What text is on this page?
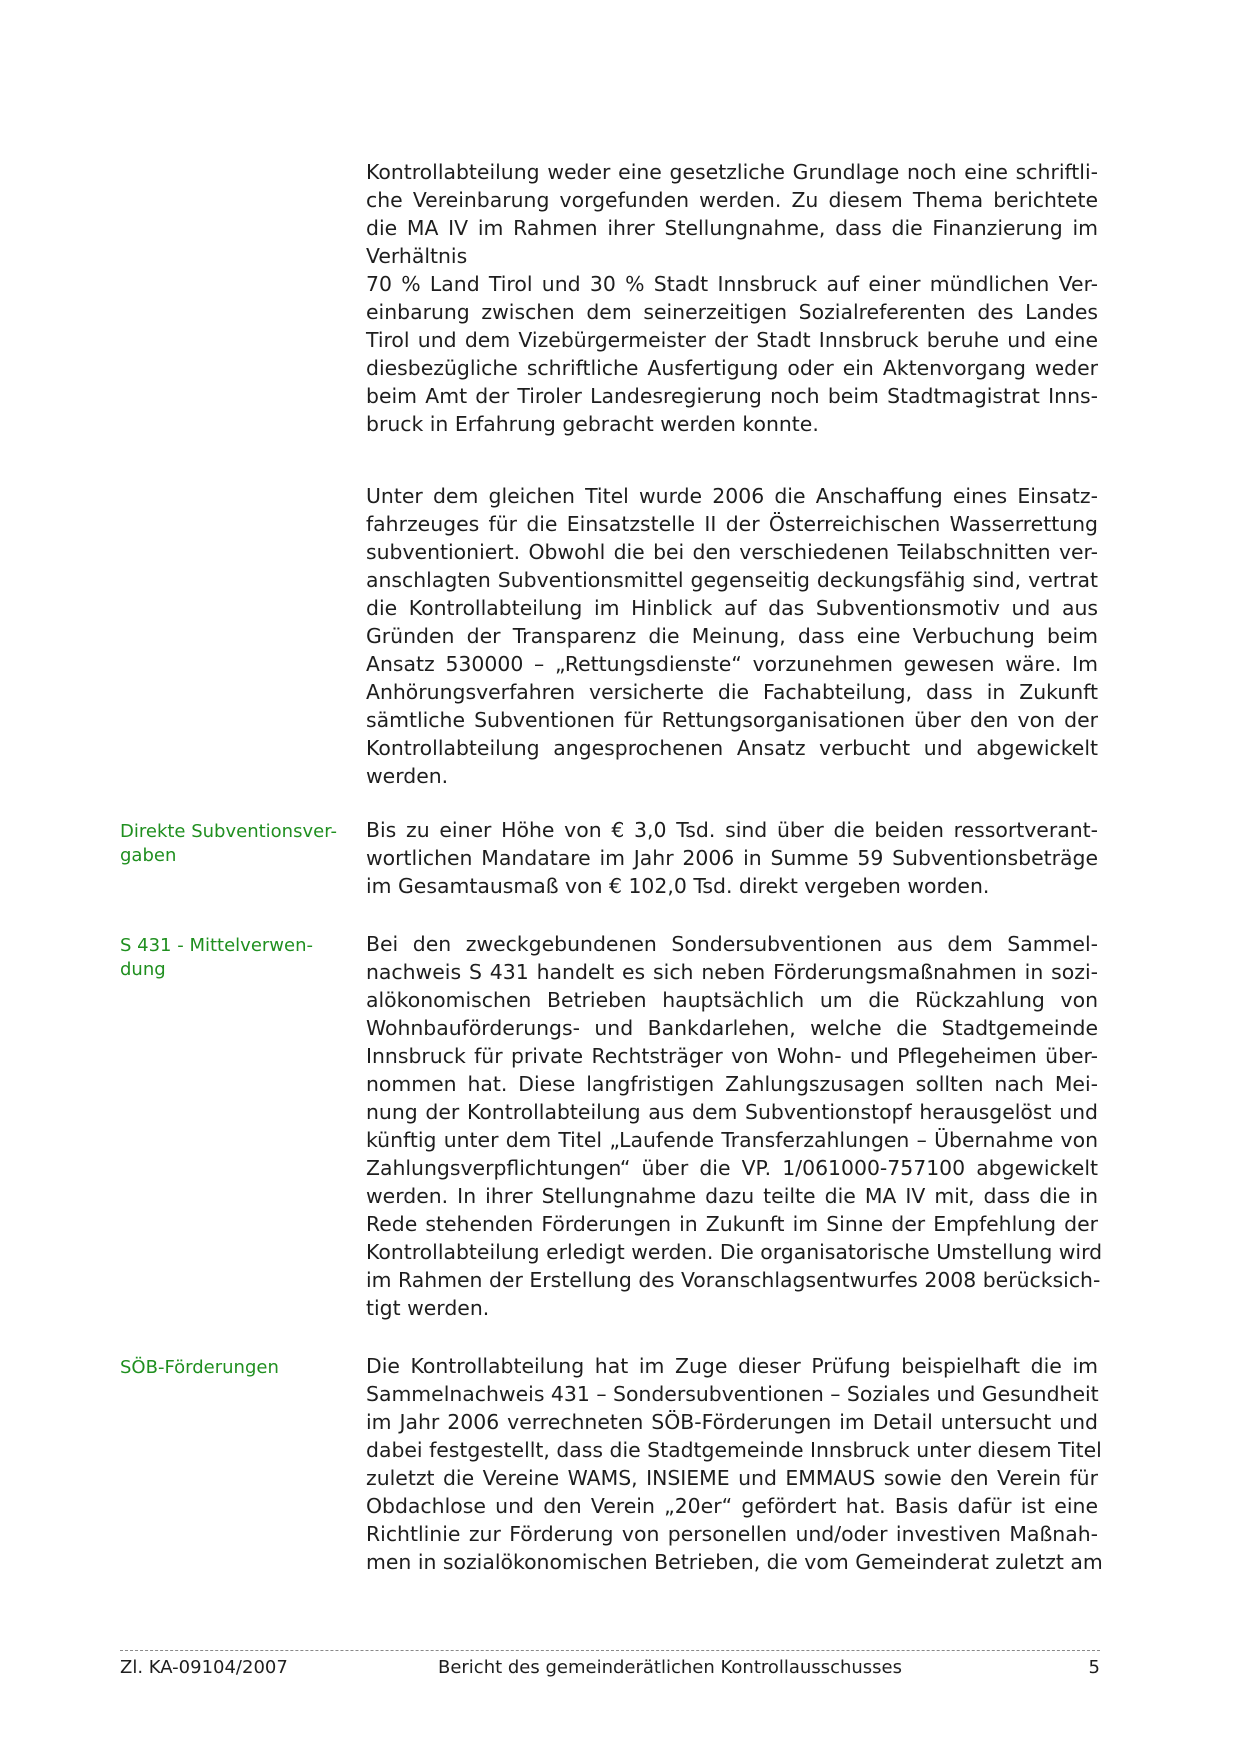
Kontrollabteilung weder eine gesetzliche Grundlage noch eine schriftli-
che Vereinbarung vorgefunden werden. Zu diesem Thema berichtete
die MA IV im Rahmen ihrer Stellungnahme, dass die Finanzierung im
Verhältnis
70 % Land Tirol und 30 % Stadt Innsbruck auf einer mündlichen Ver-
einbarung zwischen dem seinerzeitigen Sozialreferenten des Landes
Tirol und dem Vizebürgermeister der Stadt Innsbruck beruhe und eine
diesbezügliche schriftliche Ausfertigung oder ein Aktenvorgang weder
beim Amt der Tiroler Landesregierung noch beim Stadtmagistrat Inns-
bruck in Erfahrung gebracht werden konnte.
Unter dem gleichen Titel wurde 2006 die Anschaffung eines Einsatz-
fahrzeuges für die Einsatzstelle II der Österreichischen Wasserrettung
subventioniert. Obwohl die bei den verschiedenen Teilabschnitten ver-
anschlagten Subventionsmittel gegenseitig deckungsfähig sind, vertrat
die Kontrollabteilung im Hinblick auf das Subventionsmotiv und aus
Gründen der Transparenz die Meinung, dass eine Verbuchung beim
Ansatz 530000 – „Rettungsdienste“ vorzunehmen gewesen wäre. Im
Anhörungsverfahren versicherte die Fachabteilung, dass in Zukunft
sämtliche Subventionen für Rettungsorganisationen über den von der
Kontrollabteilung angesprochenen Ansatz verbucht und abgewickelt
werden.
Direkte Subventionsver-
gaben
Bis zu einer Höhe von € 3,0 Tsd. sind über die beiden ressortverant-
wortlichen Mandatare im Jahr 2006 in Summe 59 Subventionsbeträge
im Gesamtausmaß von € 102,0 Tsd. direkt vergeben worden.
S 431 - Mittelverwen-
dung
Bei den zweckgebundenen Sondersubventionen aus dem Sammel-
nachweis S 431 handelt es sich neben Förderungsmaßnahmen in sozi-
alökonomischen Betrieben hauptsächlich um die Rückzahlung von
Wohnbauförderungs- und Bankdarlehen, welche die Stadtgemeinde
Innsbruck für private Rechtsträger von Wohn- und Pflegeheimen über-
nommen hat. Diese langfristigen Zahlungszusagen sollten nach Mei-
nung der Kontrollabteilung aus dem Subventionstopf herausgelöst und
künftig unter dem Titel „Laufende Transferzahlungen – Übernahme von
Zahlungsverpflichtungen“ über die VP. 1/061000-757100 abgewickelt
werden. In ihrer Stellungnahme dazu teilte die MA IV mit, dass die in
Rede stehenden Förderungen in Zukunft im Sinne der Empfehlung der
Kontrollabteilung erledigt werden. Die organisatorische Umstellung wird
im Rahmen der Erstellung des Voranschlagsentwurfes 2008 berücksich-
tigt werden.
SÖB-Förderungen	Die Kontrollabteilung hat im Zuge dieser Prüfung beispielhaft die im
Sammelnachweis 431 – Sondersubventionen – Soziales und Gesundheit
im Jahr 2006 verrechneten SÖB-Förderungen im Detail untersucht und
dabei festgestellt, dass die Stadtgemeinde Innsbruck unter diesem Titel
zuletzt die Vereine WAMS, INSIEME und EMMAUS sowie den Verein für
Obdachlose und den Verein „20er“ gefördert hat. Basis dafür ist eine
Richtlinie zur Förderung von personellen und/oder investiven Maßnah-
men in sozialökonomischen Betrieben, die vom Gemeinderat zuletzt am
Zl. KA-09104/2007	Bericht des gemeinderätlichen Kontrollausschusses	5
